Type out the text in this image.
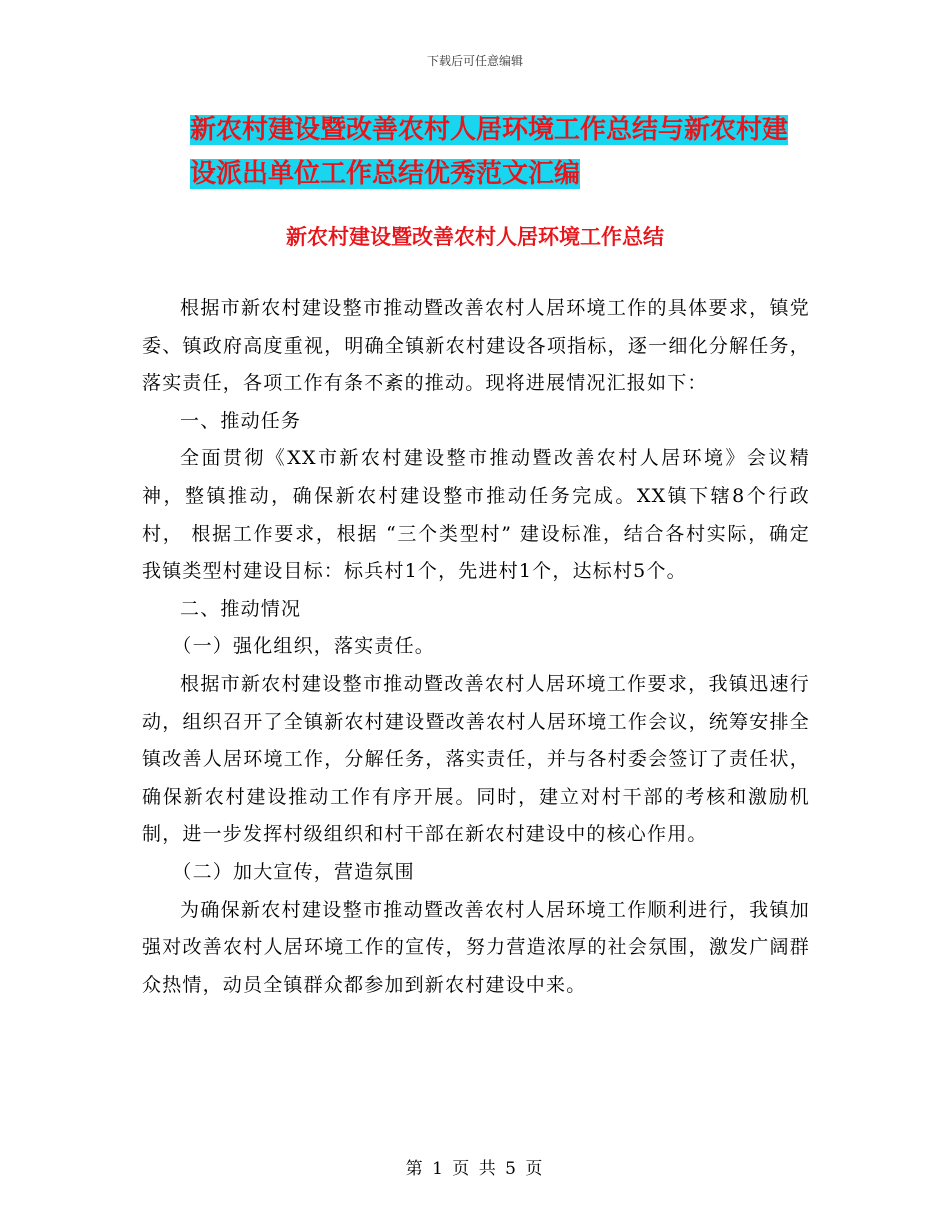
下载后可任意编辑
新农村建设暨改善农村人居环境工作总结与新农村建
设派出单位工作总结优秀范文汇编
新农村建设暨改善农村人居环境工作总结

根据市新农村建设整市推动暨改善农村人居环境工作的具体要求，镇党委、镇政府高度重视，明确全镇新农村建设各项指标，逐一细化分解任务，落实责任，各项工作有条不紊的推动。现将进展情况汇报如下：

一、推动任务

全面贯彻《XX市新农村建设整市推动暨改善农村人居环境》会议精神，整镇推动，确保新农村建设整市推动任务完成。XX镇下辖8个行政村， 根据工作要求，根据 “三个类型村” 建设标准，结合各村实际，确定我镇类型村建设目标：标兵村1个，先进村1个，达标村5个。

二、推动情况

（一）强化组织，落实责任。

根据市新农村建设整市推动暨改善农村人居环境工作要求，我镇迅速行动，组织召开了全镇新农村建设暨改善农村人居环境工作会议，统筹安排全镇改善人居环境工作，分解任务，落实责任，并与各村委会签订了责任状，确保新农村建设推动工作有序开展。同时，建立对村干部的考核和激励机制，进一步发挥村级组织和村干部在新农村建设中的核心作用。

（二）加大宣传，营造氛围

为确保新农村建设整市推动暨改善农村人居环境工作顺利进行，我镇加强对改善农村人居环境工作的宣传，努力营造浓厚的社会氛围，激发广阔群众热情，动员全镇群众都参加到新农村建设中来。

第 1 页 共 5 页
